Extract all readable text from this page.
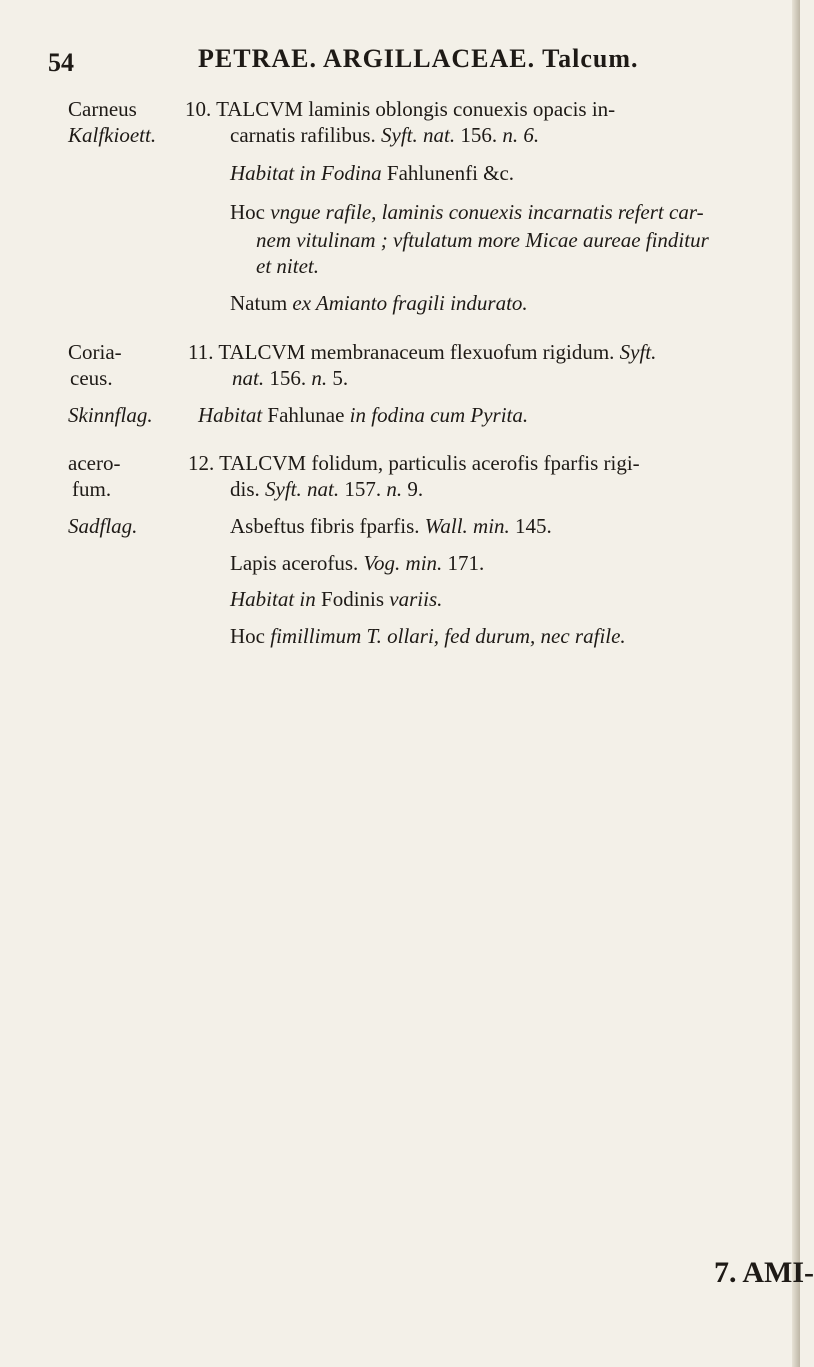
54	PETRAE. ARGILLACEAE. Talcum.
Carneus
Kalfkioett.
10. TALCVM laminis oblongis conuexis opacis in-
carnatis rafilibus. Syft. nat. 156. n. 6.
Habitat in Fodina Fahlunenfi &c.
Hoc vngue rafile, laminis conuexis incarnatis refert car-
nem vitulinam ; vftulatum more Micae aureae finditur
et nitet.
Natum ex Amianto fragili indurato.
Coria-
ceus.
Skinnflag.
11. TALCVM membranaceum flexuofum rigidum. Syft.
nat. 156. n. 5.
Habitat Fahlunae in fodina cum Pyrita.
acero-
fum.
Sadflag.
12. TALCVM folidum, particulis acerofis fparfis rigi-
dis. Syft. nat. 157. n. 9.
Asbeftus fibris fparfis. Wall. min. 145.
Lapis acerofus. Vog. min. 171.
Habitat in Fodinis variis.
Hoc fimillimum T. ollari, fed durum, nec rafile.
7. AMI-
